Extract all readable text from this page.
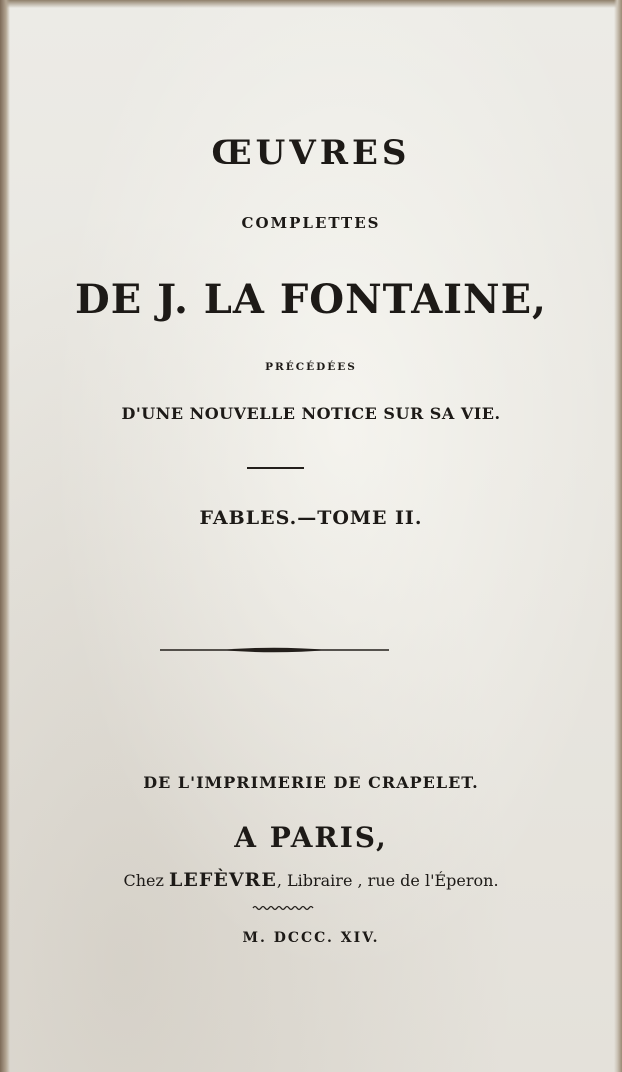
ŒUVRES
COMPLETTES
DE J. LA FONTAINE,
PRÉCÉDÉES
D'UNE NOUVELLE NOTICE SUR SA VIE.
FABLES.—TOME II.
DE L'IMPRIMERIE DE CRAPELET.
A PARIS,
Chez LEFÈVRE, Libraire , rue de l'Éperon.
M. DCCC. XIV.
